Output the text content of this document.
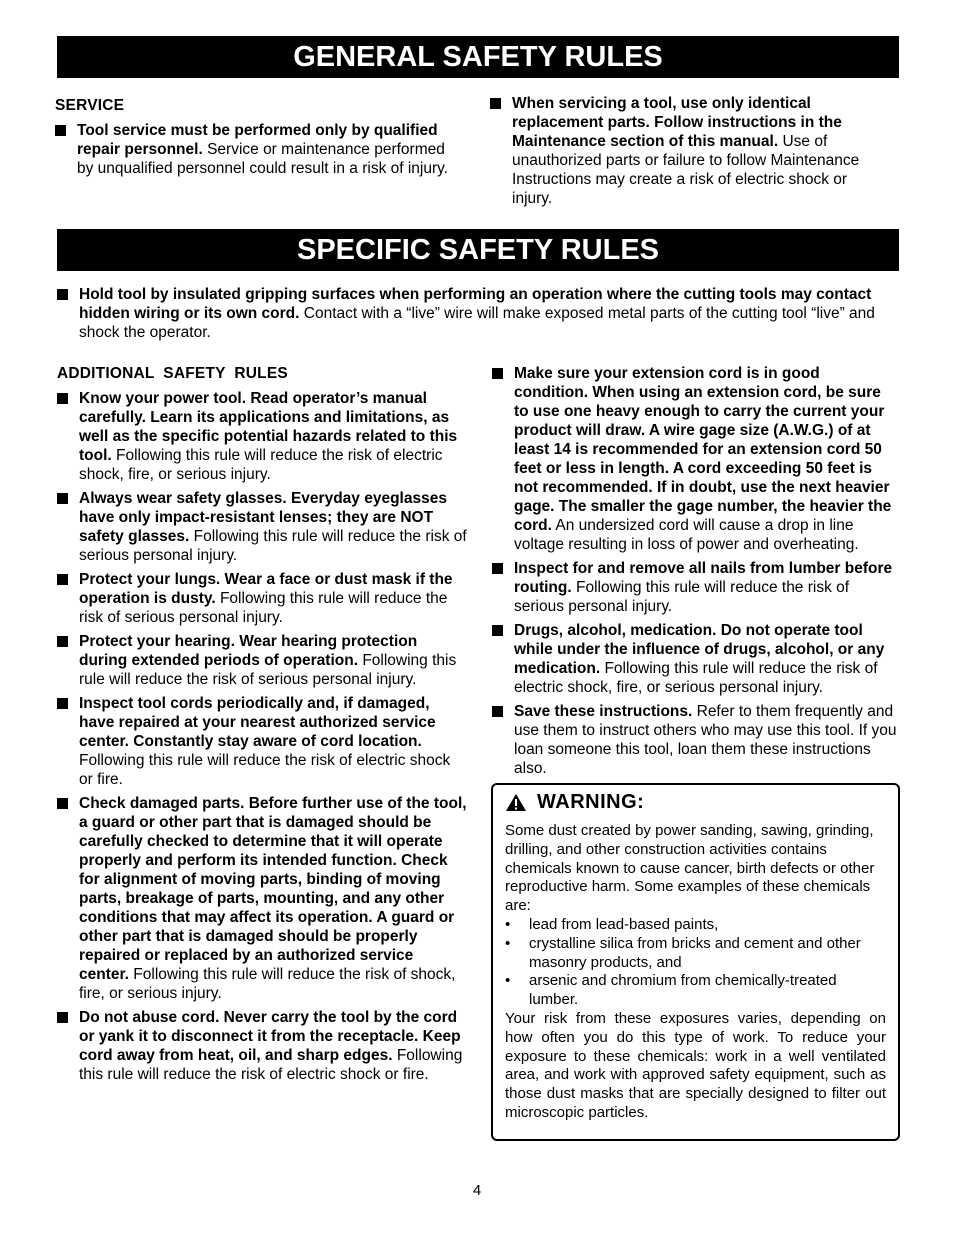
GENERAL SAFETY RULES
SERVICE
Tool service must be performed only by qualified repair personnel. Service or maintenance performed by unqualified personnel could result in a risk of injury.
When servicing a tool, use only identical replacement parts. Follow instructions in the Maintenance section of this manual. Use of unauthorized parts or failure to follow Maintenance Instructions may create a risk of electric shock or injury.
SPECIFIC SAFETY RULES
Hold tool by insulated gripping surfaces when performing an operation where the cutting tools may contact hidden wiring or its own cord. Contact with a “live” wire will make exposed metal parts of the cutting tool “live” and shock the operator.
ADDITIONAL  SAFETY  RULES
Know your power tool. Read operator’s manual carefully. Learn its applications and limitations, as well as the specific potential hazards related to this tool. Following this rule will reduce the risk of electric shock, fire, or serious injury.
Always wear safety glasses. Everyday eyeglasses have only impact-resistant lenses; they are NOT safety glasses. Following this rule will reduce the risk of serious personal injury.
Protect your lungs. Wear a face or dust mask if the operation is dusty. Following this rule will reduce the risk of serious personal injury.
Protect your hearing. Wear hearing protection during extended periods of operation. Following this rule will reduce the risk of serious personal injury.
Inspect tool cords periodically and, if damaged, have repaired at your nearest authorized service center. Constantly stay aware of cord location. Following this rule will reduce the risk of electric shock or fire.
Check damaged parts. Before further use of the tool, a guard or other part that is damaged should be carefully checked to determine that it will operate properly and perform its intended function. Check for alignment of moving parts, binding of moving parts, breakage of parts, mounting, and any other conditions that may affect its operation. A guard or other part that is damaged should be properly repaired or replaced by an authorized service center. Following this rule will reduce the risk of shock, fire, or serious injury.
Do not abuse cord. Never carry the tool by the cord or yank it to disconnect it from the receptacle. Keep cord away from heat, oil, and sharp edges. Following this rule will reduce the risk of electric shock or fire.
Make sure your extension cord is in good condition. When using an extension cord, be sure to use one heavy enough to carry the current your product will draw. A wire gage size (A.W.G.) of at least 14 is recommended for an extension cord 50 feet or less in length. A cord exceeding 50 feet is not recommended. If in doubt, use the next heavier gage. The smaller the gage number, the heavier the cord. An undersized cord will cause a drop in line voltage resulting in loss of power and overheating.
Inspect for and remove all nails from lumber before routing. Following this rule will reduce the risk of serious personal injury.
Drugs, alcohol, medication. Do not operate tool while under the influence of drugs, alcohol, or any medication. Following this rule will reduce the risk of electric shock, fire, or serious personal injury.
Save these instructions. Refer to them frequently and use them to instruct others who may use this tool. If you loan someone this tool, loan them these instructions also.
WARNING:

Some dust created by power sanding, sawing, grinding, drilling, and other construction activities contains chemicals known to cause cancer, birth defects or other reproductive harm. Some examples of these chemicals are:

• lead from lead-based paints,
• crystalline silica from bricks and cement and other masonry products, and
• arsenic and chromium from chemically-treated lumber.

Your risk from these exposures varies, depending on how often you do this type of work. To reduce your exposure to these chemicals: work in a well ventilated area, and work with approved safety equipment, such as those dust masks that are specially designed to filter out microscopic particles.

4
